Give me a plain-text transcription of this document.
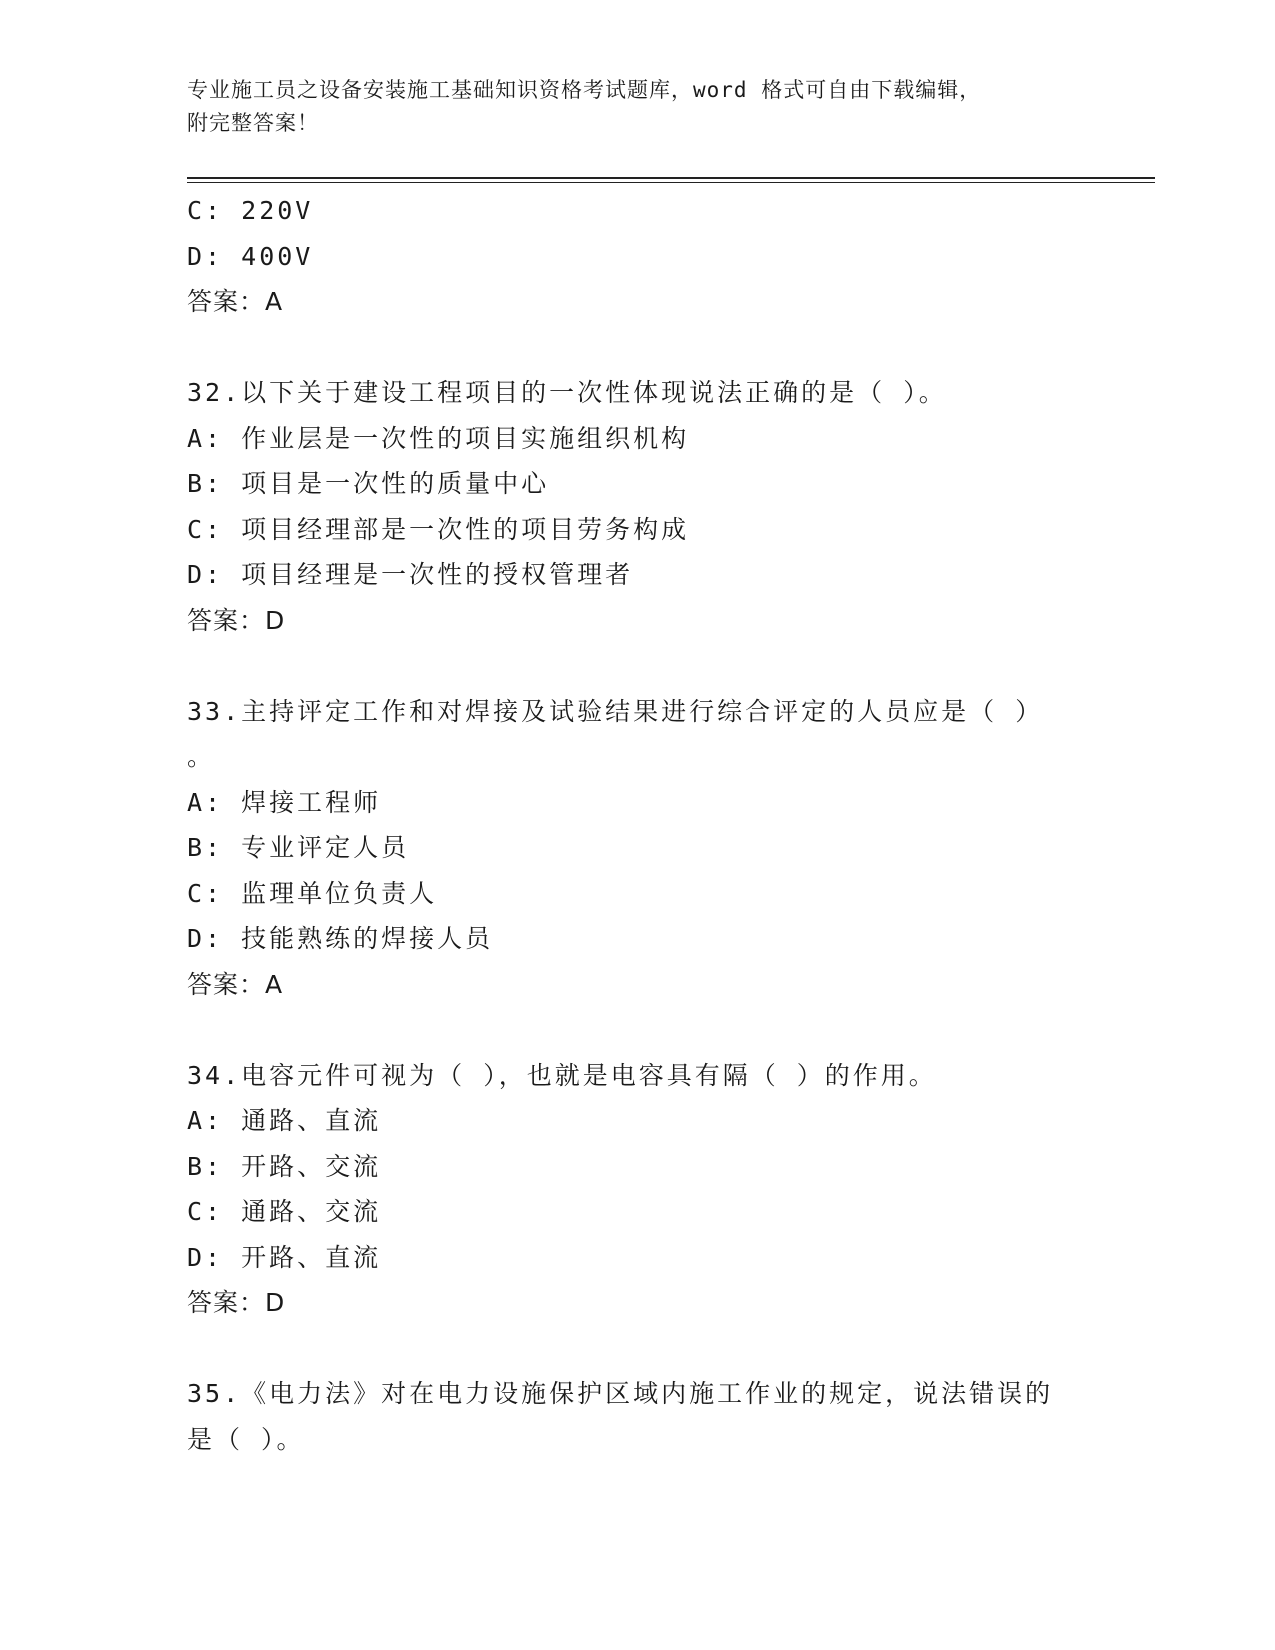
专业施工员之设备安装施工基础知识资格考试题库，word 格式可自由下载编辑，
附完整答案！
C: 220V
D: 400V
答案：A
32.以下关于建设工程项目的一次性体现说法正确的是（ ）。
A: 作业层是一次性的项目实施组织机构
B: 项目是一次性的质量中心
C: 项目经理部是一次性的项目劳务构成
D: 项目经理是一次性的授权管理者
答案：D
33.主持评定工作和对焊接及试验结果进行综合评定的人员应是（ ）
。
A: 焊接工程师
B: 专业评定人员
C: 监理单位负责人
D: 技能熟练的焊接人员
答案：A
34.电容元件可视为（ ），也就是电容具有隔（ ）的作用。
A: 通路、直流
B: 开路、交流
C: 通路、交流
D: 开路、直流
答案：D
35.《电力法》对在电力设施保护区域内施工作业的规定，说法错误的
是（ ）。
